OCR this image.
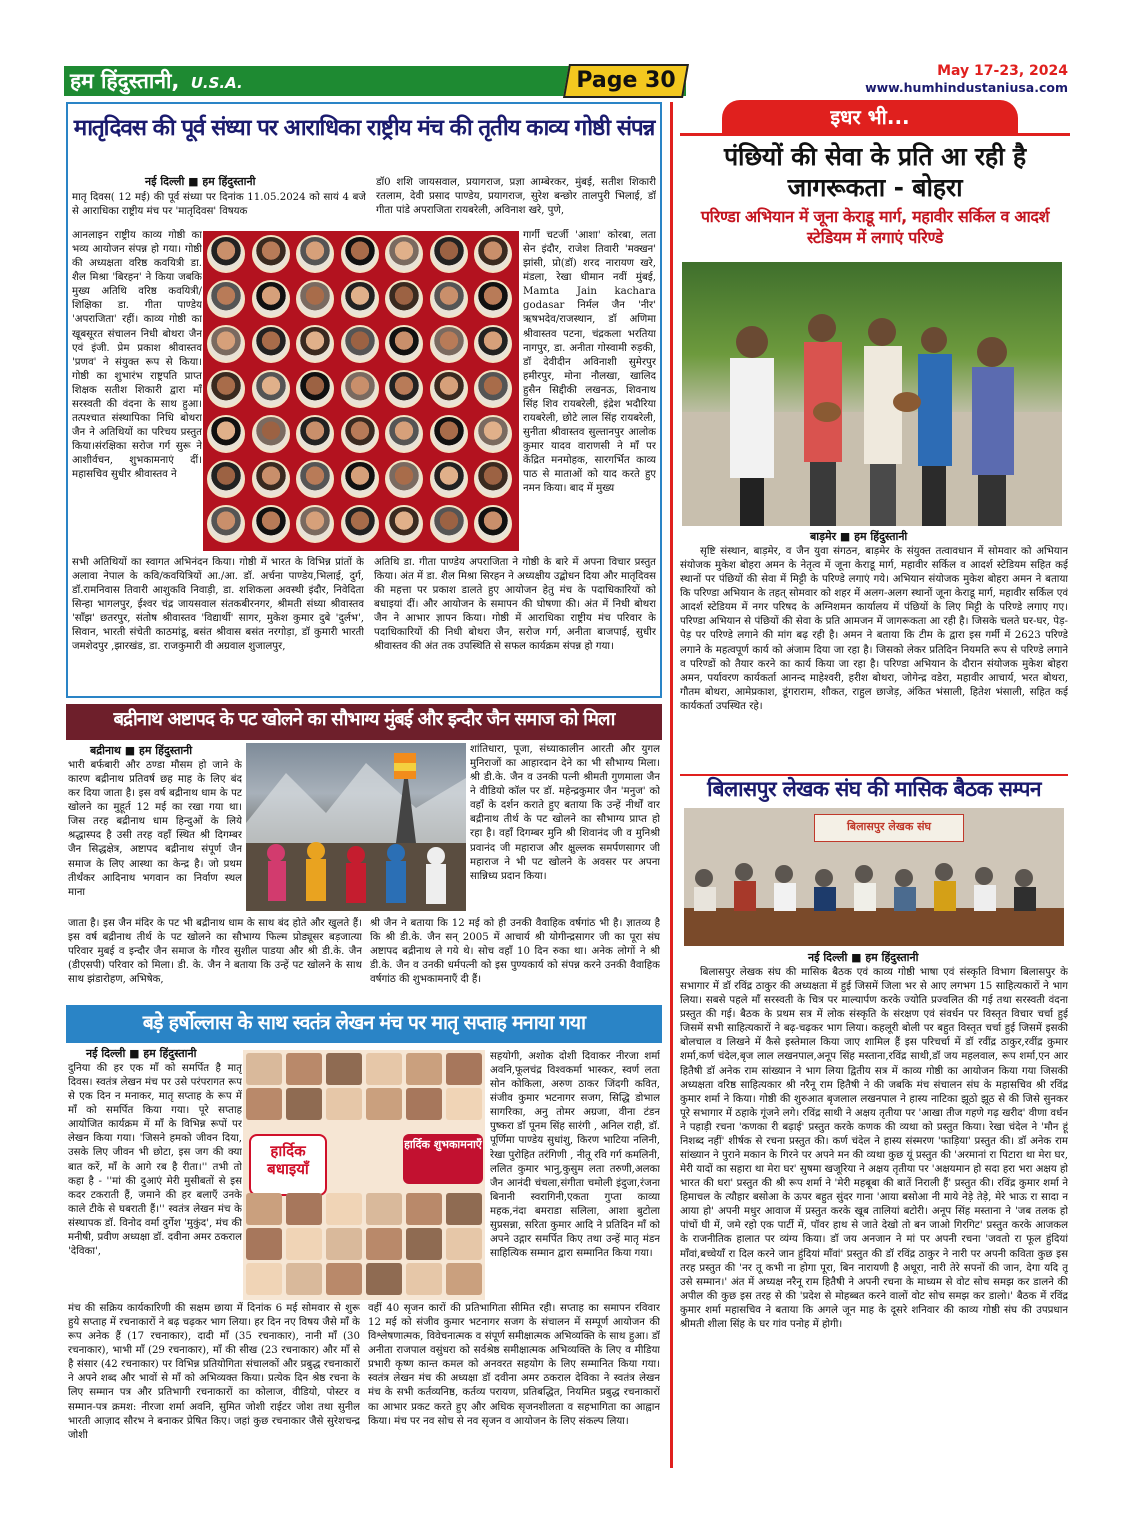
हम हिंदुस्तानी, U.S.A.	Page 30	May 17-23, 2024
www.humhindustaniusa.com
मातृदिवस की पूर्व संध्या पर आराधिका राष्ट्रीय मंच की तृतीय काव्य गोष्ठी संपन्न
नई दिल्ली ■ हम हिंदुस्तानी
मातृ दिवस( 12 मई) की पूर्व संध्या पर दिनांक 11.05.2024 को सायं 4 बजे से आराधिका राष्ट्रीय मंच पर 'मातृदिवस' विषयक
आनलाइन राष्ट्रीय काव्य गोष्ठी का भव्य आयोजन संपन्न हो गया। गोष्ठी की अध्यक्षता वरिष्ठ कवयित्री डा. शैल मिश्रा 'बिरहन' ने किया जबकि मुख्य अतिथि वरिष्ठ कवयित्री/शिक्षिका डा. गीता पाण्डेय 'अपराजिता' रहीं। काव्य गोष्ठी का खूबसूरत संचालन निधी बोथरा जैन एवं इंजी. प्रेम प्रकाश श्रीवास्तव 'प्रणव' ने संयुक्त रूप से किया। गोष्ठी का शुभारंभ राष्ट्रपति प्राप्त शिक्षक सतीश शिकारी द्वारा माँ सरस्वती की वंदना के साथ हुआ।तत्पश्चात संस्थापिका निधि बोथरा जैन ने अतिथियों का परिचय प्रस्तुत किया।संरक्षिका सरोज गर्ग सुरू ने आशीर्वचन, शुभकामनाएं दीं। महासचिव सुधीर श्रीवास्तव ने
डॉ0 शशि जायसवाल, प्रयागराज, प्रज्ञा आम्बेरकर, मुंबई, सतीश शिकारी रतलाम, देवी प्रसाद पाण्डेय, प्रयागराज, सुरेश बन्छोर तालपुरी भिलाई, डॉ गीता पांडे अपराजिता रायबरेली, अविनाश खरे, पुणे,
गार्गी चटर्जी 'आशा' कोरबा, लता सेन इंदौर, राजेश तिवारी 'मक्खन' झांसी, प्रो(डॉ) शरद नारायण खरे, मंडला, रेखा धीमान नवीं मुंबई, Mamta Jain kachara godasar निर्मल जैन 'नीर' ऋषभदेव/राजस्थान, डॉ अणिमा श्रीवास्तव पटना, चंद्रकला भरतिया नागपुर, डा. अनीता गोस्वामी रुड़की, डॉ देवीदीन अविनाशी सुमेरपुर हमीरपुर, मोना नौलखा, खालिद हुसैन सिद्दीकी लखनऊ, शिवनाथ सिंह शिव रायबरेली, इंद्रेश भदौरिया रायबरेली, छोटे लाल सिंह रायबरेली, सुनीता श्रीवास्तव सुल्तानपुर आलोक कुमार यादव वाराणसी ने माँ पर केंद्रित मनमोहक, सारगर्भित काव्य पाठ से माताओं को याद करते हुए नमन किया। बाद में मुख्य
सभी अतिथियों का स्वागत अभिनंदन किया। गोष्ठी में भारत के विभिन्न प्रांतों के अलावा नेपाल के कवि/कवयित्रियों आ./आ. डॉ. अर्चना पाण्डेय,भिलाई, दुर्ग, डॉ.रामनिवास तिवारी आशुकवि निवाड़ी, डा. शशिकला अवस्थी इंदौर, निवेदिता सिन्हा भागलपुर, ईश्वर चंद्र जायसवाल संतकबीरनगर, श्रीमती संध्या श्रीवास्तव 'साँझ' छतरपुर, संतोष श्रीवास्तव 'विद्यार्थी' सागर, मुकेश कुमार दुबे 'दुर्लभ', सिवान, भारती संचेती काठमांडू, बसंत श्रीवास बसंत नरगोड़ा, डॉ कुमारी भारती जमशेदपुर ,झारखंड, डा. राजकुमारी वी अग्रवाल शुजालपुर,
अतिथि डा. गीता पाण्डेय अपराजिता ने गोष्ठी के बारे में अपना विचार प्रस्तुत किया। अंत में डा. शैल मिश्रा सिरहन ने अध्यक्षीय उद्बोधन दिया और मातृदिवस की महत्ता पर प्रकाश डालते हुए आयोजन हेतु मंच के पदाधिकारियों को बधाइयां दीं। और आयोजन के समापन की घोषणा की। अंत में निधी बोथरा जैन ने आभार ज्ञापन किया। गोष्ठी में आराधिका राष्ट्रीय मंच परिवार के पदाधिकारियों की निधी बोथरा जैन, सरोज गर्ग, अनीता बाजपाई, सुधीर श्रीवास्तव की अंत तक उपस्थिति से सफल कार्यक्रम संपन्न हो गया।
बद्रीनाथ अष्टापद के पट खोलने का सौभाग्य मुंबई और इन्दौर जैन समाज को मिला
बद्रीनाथ ■ हम हिंदुस्तानी
भारी बर्फबारी और ठण्डा मौसम हो जाने के कारण बद्रीनाथ प्रतिवर्ष छह माह के लिए बंद कर दिया जाता है। इस वर्ष बद्रीनाथ धाम के पट खोलने का मुहूर्त 12 मई का रखा गया था। जिस तरह बद्रीनाथ धाम हिन्दुओं के लिये श्रद्धास्पद है उसी तरह वहाँ स्थित श्री दिगम्बर जैन सिद्धक्षेत्र, अष्टापद बद्रीनाथ संपूर्ण जैन समाज के लिए आस्था का केन्द्र है। जो प्रथम तीर्थंकर आदिनाथ भगवान का निर्वाण स्थल माना
जाता है। इस जैन मंदिर के पट भी बद्रीनाथ धाम के साथ बंद होते और खुलते हैं। इस वर्ष बद्रीनाथ तीर्थ के पट खोलने का सौभाग्य फिल्म प्रोड्यूसर बड़जात्या परिवार मुबई व इन्दौर जैन समाज के गौरव सुशील पाडया और श्री डी.के. जैन (डीएसपी) परिवार को मिला। डी. के. जैन ने बताया कि उन्हें पट खोलने के साथ साथ झंडारोहण, अभिषेक,
शांतिधारा, पूजा, संध्याकालीन आरती और युगल मुनिराजों का आहारदान देने का भी सौभाग्य मिला। श्री डी.के. जैन व उनकी पत्नी श्रीमती गुणमाला जैन ने वीडियो कॉल पर डॉ. महेन्द्रकुमार जैन 'मनुज' को वहाँ के दर्शन कराते हुए बताया कि उन्हें नीर्थों वार बद्रीनाथ तीर्थ के पट खोलने का सौभाग्य प्राप्त हो रहा है। वहाँ दिगम्बर मुनि श्री शिवानंद जी व मुनिश्री प्रवानंद जी महाराज और क्षुल्लक समर्पणसागर जी महाराज ने भी पट खोलने के अवसर पर अपना सान्निध्य प्रदान किया।
श्री जैन ने बताया कि 12 मई को ही उनकी वैवाहिक वर्षगांठ भी है। ज्ञातव्य है कि श्री डी.के. जैन सन् 2005 में आचार्य श्री योगीन्द्रसागर जी का पूरा संघ अष्टापद बद्रीनाथ ले गये थे। सोच वहाँ 10 दिन रुका था। अनेक लोगों ने श्री डी.के. जैन व उनकी धर्मपत्नी को इस पुण्यकार्य को संपन्न करने उनकी वैवाहिक वर्षगांठ की शुभकामनाएँ दी हैं।
बड़े हर्षोल्लास के साथ स्वतंत्र लेखन मंच पर मातृ सप्ताह मनाया गया
नई दिल्ली ■ हम हिंदुस्तानी
दुनिया की हर एक माँ को समर्पित है मातृ दिवस। स्वतंत्र लेखन मंच पर उसे परंपरागत रूप से एक दिन न मनाकर, मातृ सप्ताह के रूप में माँ को समर्पित किया गया। पूरे सप्ताह आयोजित कार्यक्रम में माँ के विभिन्न रूपों पर लेखन किया गया। 'जिसने हमको जीवन दिया, उसके लिए जीवन भी छोटा, इस जग की क्या बात करें, माँ के आगे रब है रीता।'' तभी तो कहा है - ''मां की दुआएं मेरी मुसीबतों से इस कदर टकराती हैं, जमाने की हर बलाएँ उनके काले टीके से घबराती हैं।'' स्वतंत्र लेखन मंच के संस्थापक डॉ. विनोद वर्मा दुर्गेश 'मुकुंद', मंच की मनीषी, प्रवीण अध्यक्षा डॉ. दवीना अमर ठकराल 'देविका',
हार्दिक बधाइयाँ
हार्दिक शुभकामनाएँ
सहयोगी, अशोक दोशी दिवाकर नीरजा शर्मा अवनि,फूलचंद्र विश्वकर्मा भास्कर, स्वर्ण लता सोन कोकिला, अरुण ठाकर जिंदगी कवित, संजीव कुमार भटनागर सजग, सिद्धि डोभाल सागरिका, अनु तोमर अग्रजा, वीना टंडन पुष्करा डॉ पूनम सिंह सारंगी , अनिल राही, डॉ. पूर्णिमा पाण्डेय सुधांशु, किरण भाटिया नलिनी, रेखा पुरोहित तरंगिणी , नीतू रवि गर्ग कमलिनी, ललित कुमार भानु,कुसुम लता तरुणी,अलका जैन आनंदी चंचला,संगीता चमोली इंदुजा,रंजना बिनानी स्वरागिनी,एकता गुप्ता काव्या महक,नंदा बमराडा सलिला, आशा बुटोला सुप्रसन्ना, सरिता कुमार आदि ने प्रतिदिन माँ को अपने उद्गार समर्पित किए तथा उन्हें मातृ मंडन साहित्यिक सम्मान द्वारा सम्मानित किया गया।
मंच की सक्रिय कार्यकारिणी की सक्षम छाया में दिनांक 6 मई सोमवार से शुरू हुये सप्ताह में रचनाकारों ने बढ़ चढ़कर भाग लिया। हर दिन नए विषय जैसे माँ के रूप अनेक हैं (17 रचनाकार), दादी माँ (35 रचनाकार), नानी माँ (30 रचनाकार), भाभी माँ (29 रचनाकार), माँ की सीख (23 रचनाकार) और माँ से है संसार (42 रचनाकार) पर विभिन्न प्रतियोगिता संचालकों और प्रबुद्ध रचनाकारों ने अपने शब्द और भावों से माँ को अभिव्यक्त किया। प्रत्येक दिन श्रेष्ठ रचना के लिए सम्मान पत्र और प्रतिभागी रचनाकारों का कोलाज, वीडियो, पोस्टर व सम्मान-पत्र क्रमश: नीरजा शर्मा अवनि, सुमित जोशी राईटर जोश तथा सुनील भारती आज़ाद सौरभ ने बनाकर प्रेषित किए। जहां कुछ रचनाकार जैसे सुरेशचन्द्र जोशी
वहीं 40 सृजन कारों की प्रतिभागिता सीमित रही। सप्ताह का समापन रविवार 12 मई को संजीव कुमार भटनागर सजग के संचालन में सम्पूर्ण आयोजन की विश्लेषणात्मक, विवेचनात्मक व संपूर्ण समीक्षात्मक अभिव्यक्ति के साथ हुआ। डॉ अनीता राजपाल वसुंधरा को सर्वश्रेष्ठ समीक्षात्मक अभिव्यक्ति के लिए व मीडिया प्रभारी कृष्ण कान्त कमल को अनवरत सहयोग के लिए सम्मानित किया गया। स्वतंत्र लेखन मंच की अध्यक्षा डॉ दवीना अमर ठकराल देविका ने स्वतंत्र लेखन मंच के सभी कर्तव्यनिष्ठ, कर्तव्य परायण, प्रतिबद्धित, नियमित प्रबुद्ध रचनाकारों का आभार प्रकट करते हुए और अधिक सृजनशीलता व सहभागिता का आह्वान किया। मंच पर नव सोच से नव सृजन व आयोजन के लिए संकल्प लिया।
इधर भी...
पंछियों की सेवा के प्रति आ रही है जागरूकता - बोहरा
परिण्डा अभियान में जूना केराडू मार्ग, महावीर सर्किल व आदर्श स्टेडियम में लगाएं परिण्डे
बाड़मेर ■ हम हिंदुस्तानी
सृष्टि संस्थान, बाड़मेर, व जैन युवा संगठन, बाड़मेर के संयुक्त तत्वावधान में सोमवार को अभियान संयोजक मुकेश बोहरा अमन के नेतृत्व में जूना केराडू मार्ग, महावीर सर्किल व आदर्श स्टेडियम सहित कई स्थानों पर पंछियों की सेवा में मिट्टी के परिण्डे लगाएं गये। अभियान संयोजक मुकेश बोहरा अमन ने बताया कि परिण्डा अभियान के तहत् सोमवार को शहर में अलग-अलग स्थानों जूना केराडू मार्ग, महावीर सर्किल एवं आदर्श स्टेडियम में नगर परिषद के अग्निशमन कार्यालय में पंछियों के लिए मिट्टी के परिण्डे लगाए गए। परिण्डा अभियान से पंछियों की सेवा के प्रति आमजन में जागरूकता आ रही है। जिसके चलते घर-घर, पेड़-पेड़ पर परिण्डे लगाने की मांग बढ़ रही है। अमन ने बताया कि टीम के द्वारा इस गर्मी में 2623 परिण्डे लगाने के महत्वपूर्ण कार्य को अंजाम दिया जा रहा है। जिसको लेकर प्रतिदिन नियमति रूप से परिण्डे लगाने व परिण्डों को तैयार करने का कार्य किया जा रहा है। परिण्डा अभियान के दौरान संयोजक मुकेश बोहरा अमन, पर्यावरण कार्यकर्ता आनन्द माहेश्वरी, हरीश बोथरा, जोगेन्द्र वडेरा, महावीर आचार्य, भरत बोथरा, गौतम बोथरा, आमेप्रकाश, डूंगराराम, शौकत, राहुल छाजेड़, अंकित भंसाली, हितेश भंसाली, सहित कई कार्यकर्ता उपस्थित रहे।
बिलासपुर लेखक संघ की मासिक बैठक सम्पन
बिलासपुर लेखक संघ
नई दिल्ली ■ हम हिंदुस्तानी
बिलासपुर लेखक संघ की मासिक बैठक एवं काव्य गोष्ठी भाषा एवं संस्कृति विभाग बिलासपुर के सभागार में डॉ रविंद्र ठाकुर की अध्यक्षता में हुई जिसमें जिला भर से आए लगभग 15 साहित्यकारों ने भाग लिया। सबसे पहले माँ सरस्वती के चित्र पर माल्यार्पण करके ज्योति प्रज्वलित की गई तथा सरस्वती वंदना प्रस्तुत की गई। बैठक के प्रथम सत्र में लोक संस्कृति के संरक्षण एवं संवर्धन पर विस्तृत विचार चर्चा हुई जिसमें सभी साहित्यकारों ने बढ़-चढ़कर भाग लिया। कहलूरी बोली पर बहुत विस्तृत चर्चा हुई जिसमें इसकी बोलचाल व लिखने में कैसे इस्तेमाल किया जाए शामिल हैं इस परिचर्चा में डॉ रवींद्र ठाकुर,रवींद्र कुमार शर्मा,कर्ण चंदेल,बृज लाल लखनपाल,अनूप सिंह मस्ताना,रविंद्र साथी,डॉ जय महलवाल, रूप शर्मा,एन आर हितैषी डॉ अनेक राम सांख्यान ने भाग लिया द्वितीय सत्र में काव्य गोष्ठी का आयोजन किया गया जिसकी अध्यक्षता वरिष्ठ साहित्यकार श्री नरैनू राम हितैषी ने की जबकि मंच संचालन संघ के महासचिव श्री रविंद्र कुमार शर्मा ने किया। गोष्ठी की शुरुआत बृजलाल लखनपाल ने हास्य नाटिका झूठो झूठ से की जिसे सुनकर पूरे सभागार में ठहाके गूंजने लगे। रविंद्र साथी ने अक्षय तृतीया पर 'आखा तीज गहणे गढ़ खरीद' वीणा वर्धन ने पहाड़ी रचना 'कणका री बढ़ाई' प्रस्तुत करके कणक की व्यथा को प्रस्तुत किया। रेखा चंदेल ने 'मौन हूं निशब्द नहीं' शीर्षक से रचना प्रस्तुत की। कर्ण चंदेल ने हास्य संस्मरण 'फाड़िया' प्रस्तुत की। डॉ अनेक राम सांख्यान ने पुराने मकान के गिरने पर अपने मन की व्यथा कुछ यूं प्रस्तुत की 'अरमानां रा पिटारा था मेरा घर, मेरी यादों का सहारा था मेरा घर' सुषमा खजूरिया ने अक्षय तृतीया पर 'अक्षयमान हो सदा हरा भरा अक्षय हो भारत की धरा' प्रस्तुत की श्री रूप शर्मा ने 'मेरी महबूबा की बातें निराली हैं' प्रस्तुत की। रविंद्र कुमार शर्मा ने हिमाचल के त्यौहार बसोआ के ऊपर बहुत सुंदर गाना 'आया बसोआ नी माये नेड़े तेड़े, मेरे भाऊ रा सादा न आया हो' अपनी मधुर आवाज में प्रस्तुत करके खूब तालियां बटोरी। अनूप सिंह मस्ताना ने 'जब तलक हो पांचों घी में, जमे रहो एक पार्टी में, पॉवर हाथ से जाते देखो तो बन जाओ गिरगिट' प्रस्तुत करके आजकल के राजनीतिक हालात पर व्यंग्य किया। डॉ जय अनजान ने मां पर अपनी रचना 'जवतो रा फूल हुंदियां माँवां,बच्चेयाँ रा दिल करने जान हुंदियां माँवां' प्रस्तुत की डॉ रविंद्र ठाकुर ने नारी पर अपनी कविता कुछ इस तरह प्रस्तुत की 'नर तू कभी ना होगा पूरा, बिन नारायणी है अधूरा, नारी तेरे सपनों की जान, देगा यदि तू उसे सम्मान।' अंत में अध्यक्ष नरैनू राम हितैषी ने अपनी रचना के माध्यम से वोट सोच समझ कर डालने की अपील की कुछ इस तरह से की 'प्रदेश से मोहब्बत करने वालों वोट सोच समझ कर डालो।' बैठक में रविंद्र कुमार शर्मा महासचिव ने बताया कि अगले जून माह के दूसरे शनिवार की काव्य गोष्ठी संघ की उपप्रधान श्रीमती शीला सिंह के घर गांव पनोह में होगी।
